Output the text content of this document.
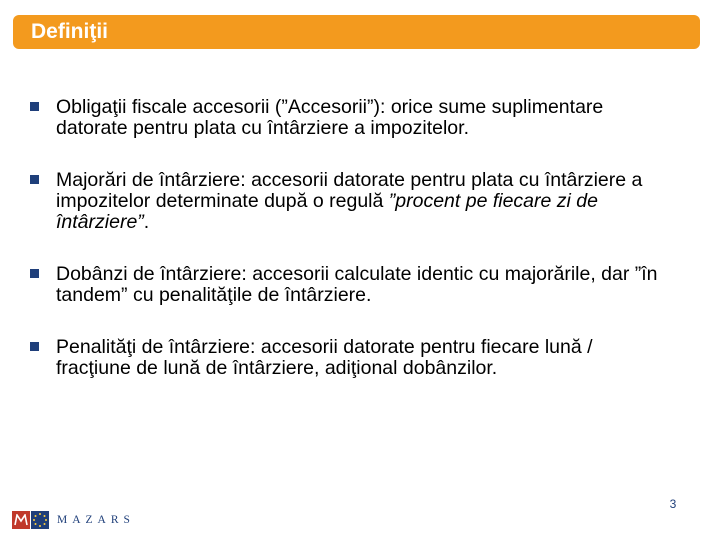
Definiţii
Obligaţii fiscale accesorii (”Accesorii”): orice sume suplimentare datorate pentru plata cu întârziere a impozitelor.
Majorări de întârziere: accesorii datorate pentru plata cu întârziere a impozitelor determinate după o regulă ”procent pe fiecare zi de întârziere”.
Dobânzi de întârziere: accesorii calculate identic cu majorările, dar ”în tandem” cu penalităţile de întârziere.
Penalităţi de întârziere: accesorii datorate pentru fiecare lună / fracţiune de lună de întârziere, adiţional dobânzilor.
3
MAZARS
